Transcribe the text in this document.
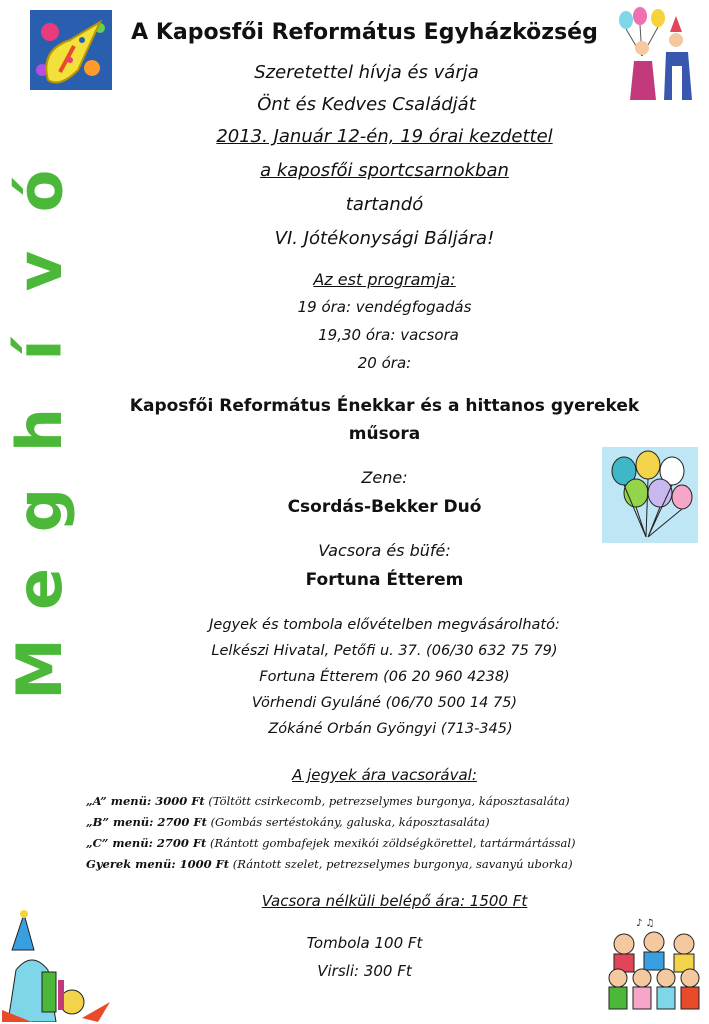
♪ ♫
ó
v
í
h
g
e
M
A Kaposfői Református Egyházközség
Szeretettel hívja és várja
Önt és Kedves Családját
2013. Január 12-én, 19 órai kezdettel
a kaposfői sportcsarnokban
tartandó
VI. Jótékonysági Báljára!
Az est programja:
19 óra: vendégfogadás
19,30 óra: vacsora
20 óra:
Kaposfői Református Énekkar és a hittanos gyerekek
műsora
Zene:
Csordás-Bekker Duó
Vacsora és büfé:
Fortuna Étterem
Jegyek és tombola elővételben megvásárolható:
Lelkészi Hivatal, Petőfi u. 37. (06/30 632 75 79)
Fortuna Étterem (06 20 960 4238)
Vörhendi Gyuláné (06/70 500 14 75)
Zókáné Orbán Gyöngyi (713-345)
A jegyek ára vacsorával:
„A” menü: 3000 Ft (Töltött csirkecomb, petrezselymes burgonya, káposztasaláta)
„B” menü: 2700 Ft (Gombás sertéstokány, galuska, káposztasaláta)
„C” menü: 2700 Ft (Rántott gombafejek mexikói zöldségkörettel, tartármártással)
Gyerek menü: 1000 Ft (Rántott szelet, petrezselymes burgonya, savanyú uborka)
Vacsora nélküli belépő ára: 1500 Ft
Tombola 100 Ft
Virsli: 300 Ft
